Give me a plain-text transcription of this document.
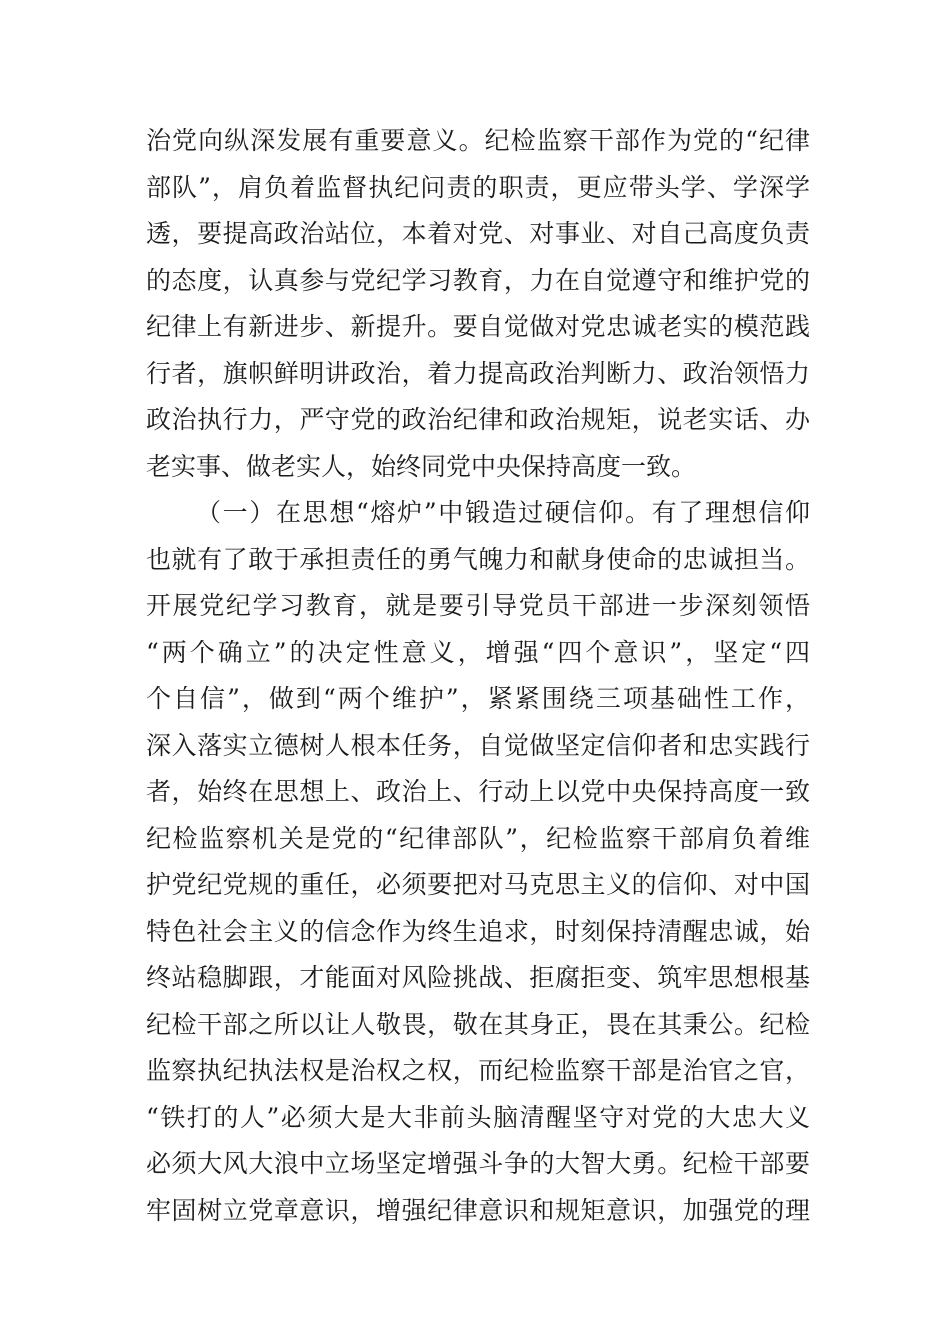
治党向纵深发展有重要意义。纪检监察干部作为党的“纪律
部队”，肩负着监督执纪问责的职责，更应带头学、学深学
透，要提高政治站位，本着对党、对事业、对自己高度负责
的态度，认真参与党纪学习教育，力在自觉遵守和维护党的
纪律上有新进步、新提升。要自觉做对党忠诚老实的模范践
行者，旗帜鲜明讲政治，着力提高政治判断力、政治领悟力
政治执行力，严守党的政治纪律和政治规矩，说老实话、办
老实事、做老实人，始终同党中央保持高度一致。
（一）在思想“熔炉”中锻造过硬信仰。有了理想信仰
也就有了敢于承担责任的勇气魄力和献身使命的忠诚担当。
开展党纪学习教育，就是要引导党员干部进一步深刻领悟
“两个确立”的决定性意义，增强“四个意识”，坚定“四
个自信”，做到“两个维护”，紧紧围绕三项基础性工作，
深入落实立德树人根本任务，自觉做坚定信仰者和忠实践行
者，始终在思想上、政治上、行动上以党中央保持高度一致
纪检监察机关是党的“纪律部队”，纪检监察干部肩负着维
护党纪党规的重任，必须要把对马克思主义的信仰、对中国
特色社会主义的信念作为终生追求，时刻保持清醒忠诚，始
终站稳脚跟，才能面对风险挑战、拒腐拒变、筑牢思想根基
纪检干部之所以让人敬畏，敬在其身正，畏在其秉公。纪检
监察执纪执法权是治权之权，而纪检监察干部是治官之官，
“铁打的人”必须大是大非前头脑清醒坚守对党的大忠大义
必须大风大浪中立场坚定增强斗争的大智大勇。纪检干部要
牢固树立党章意识，增强纪律意识和规矩意识，加强党的理
